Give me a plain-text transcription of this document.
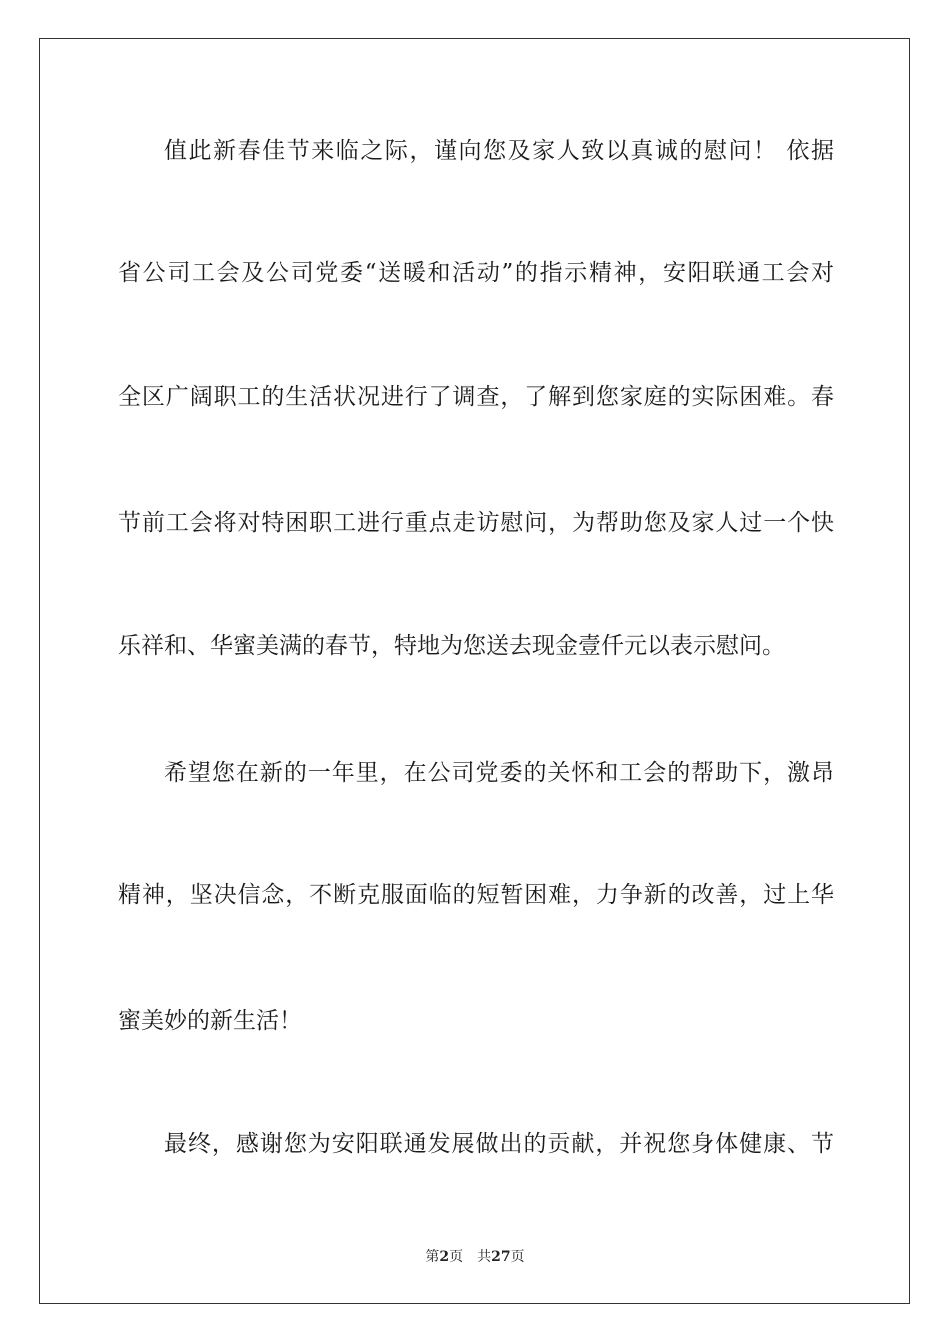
值此新春佳节来临之际，谨向您及家人致以真诚的慰问！ 依据
省公司工会及公司党委“送暖和活动”的指示精神，安阳联通工会对
全区广阔职工的生活状况进行了调查，了解到您家庭的实际困难。春
节前工会将对特困职工进行重点走访慰问，为帮助您及家人过一个快
乐祥和、华蜜美满的春节，特地为您送去现金壹仟元以表示慰问。
希望您在新的一年里，在公司党委的关怀和工会的帮助下，激昂
精神，坚决信念，不断克服面临的短暂困难，力争新的改善，过上华
蜜美妙的新生活！
最终，感谢您为安阳联通发展做出的贡献，并祝您身体健康、节
第2页 共27页
